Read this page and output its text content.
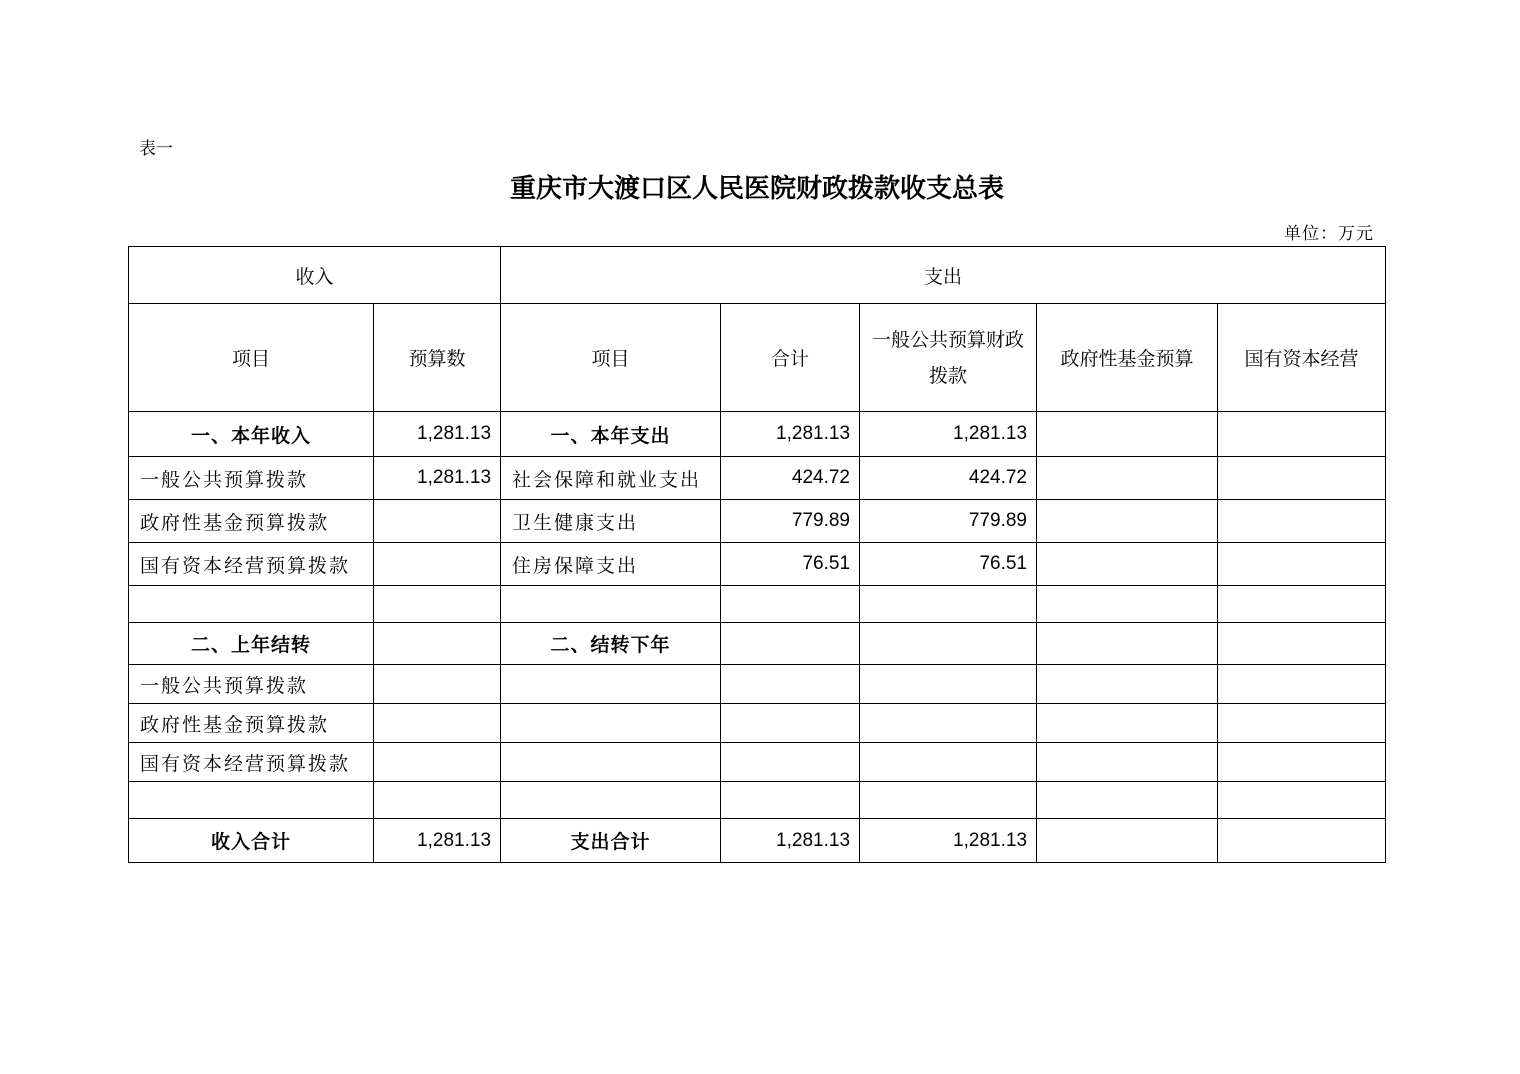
表一
重庆市大渡口区人民医院财政拨款收支总表
单位：万元
收入		支出				
项目	预算数	项目	合计	一般公共预算财政拨款	政府性基金预算	国有资本经营
一、本年收入	1,281.13	一、本年支出	1,281.13	1,281.13		
一般公共预算拨款	1,281.13	社会保障和就业支出	424.72	424.72		
政府性基金预算拨款		卫生健康支出	779.89	779.89		
国有资本经营预算拨款		住房保障支出	76.51	76.51		

二、上年结转		二、结转下年				
一般公共预算拨款						
政府性基金预算拨款						
国有资本经营预算拨款						

收入合计	1,281.13	支出合计	1,281.13	1,281.13		
